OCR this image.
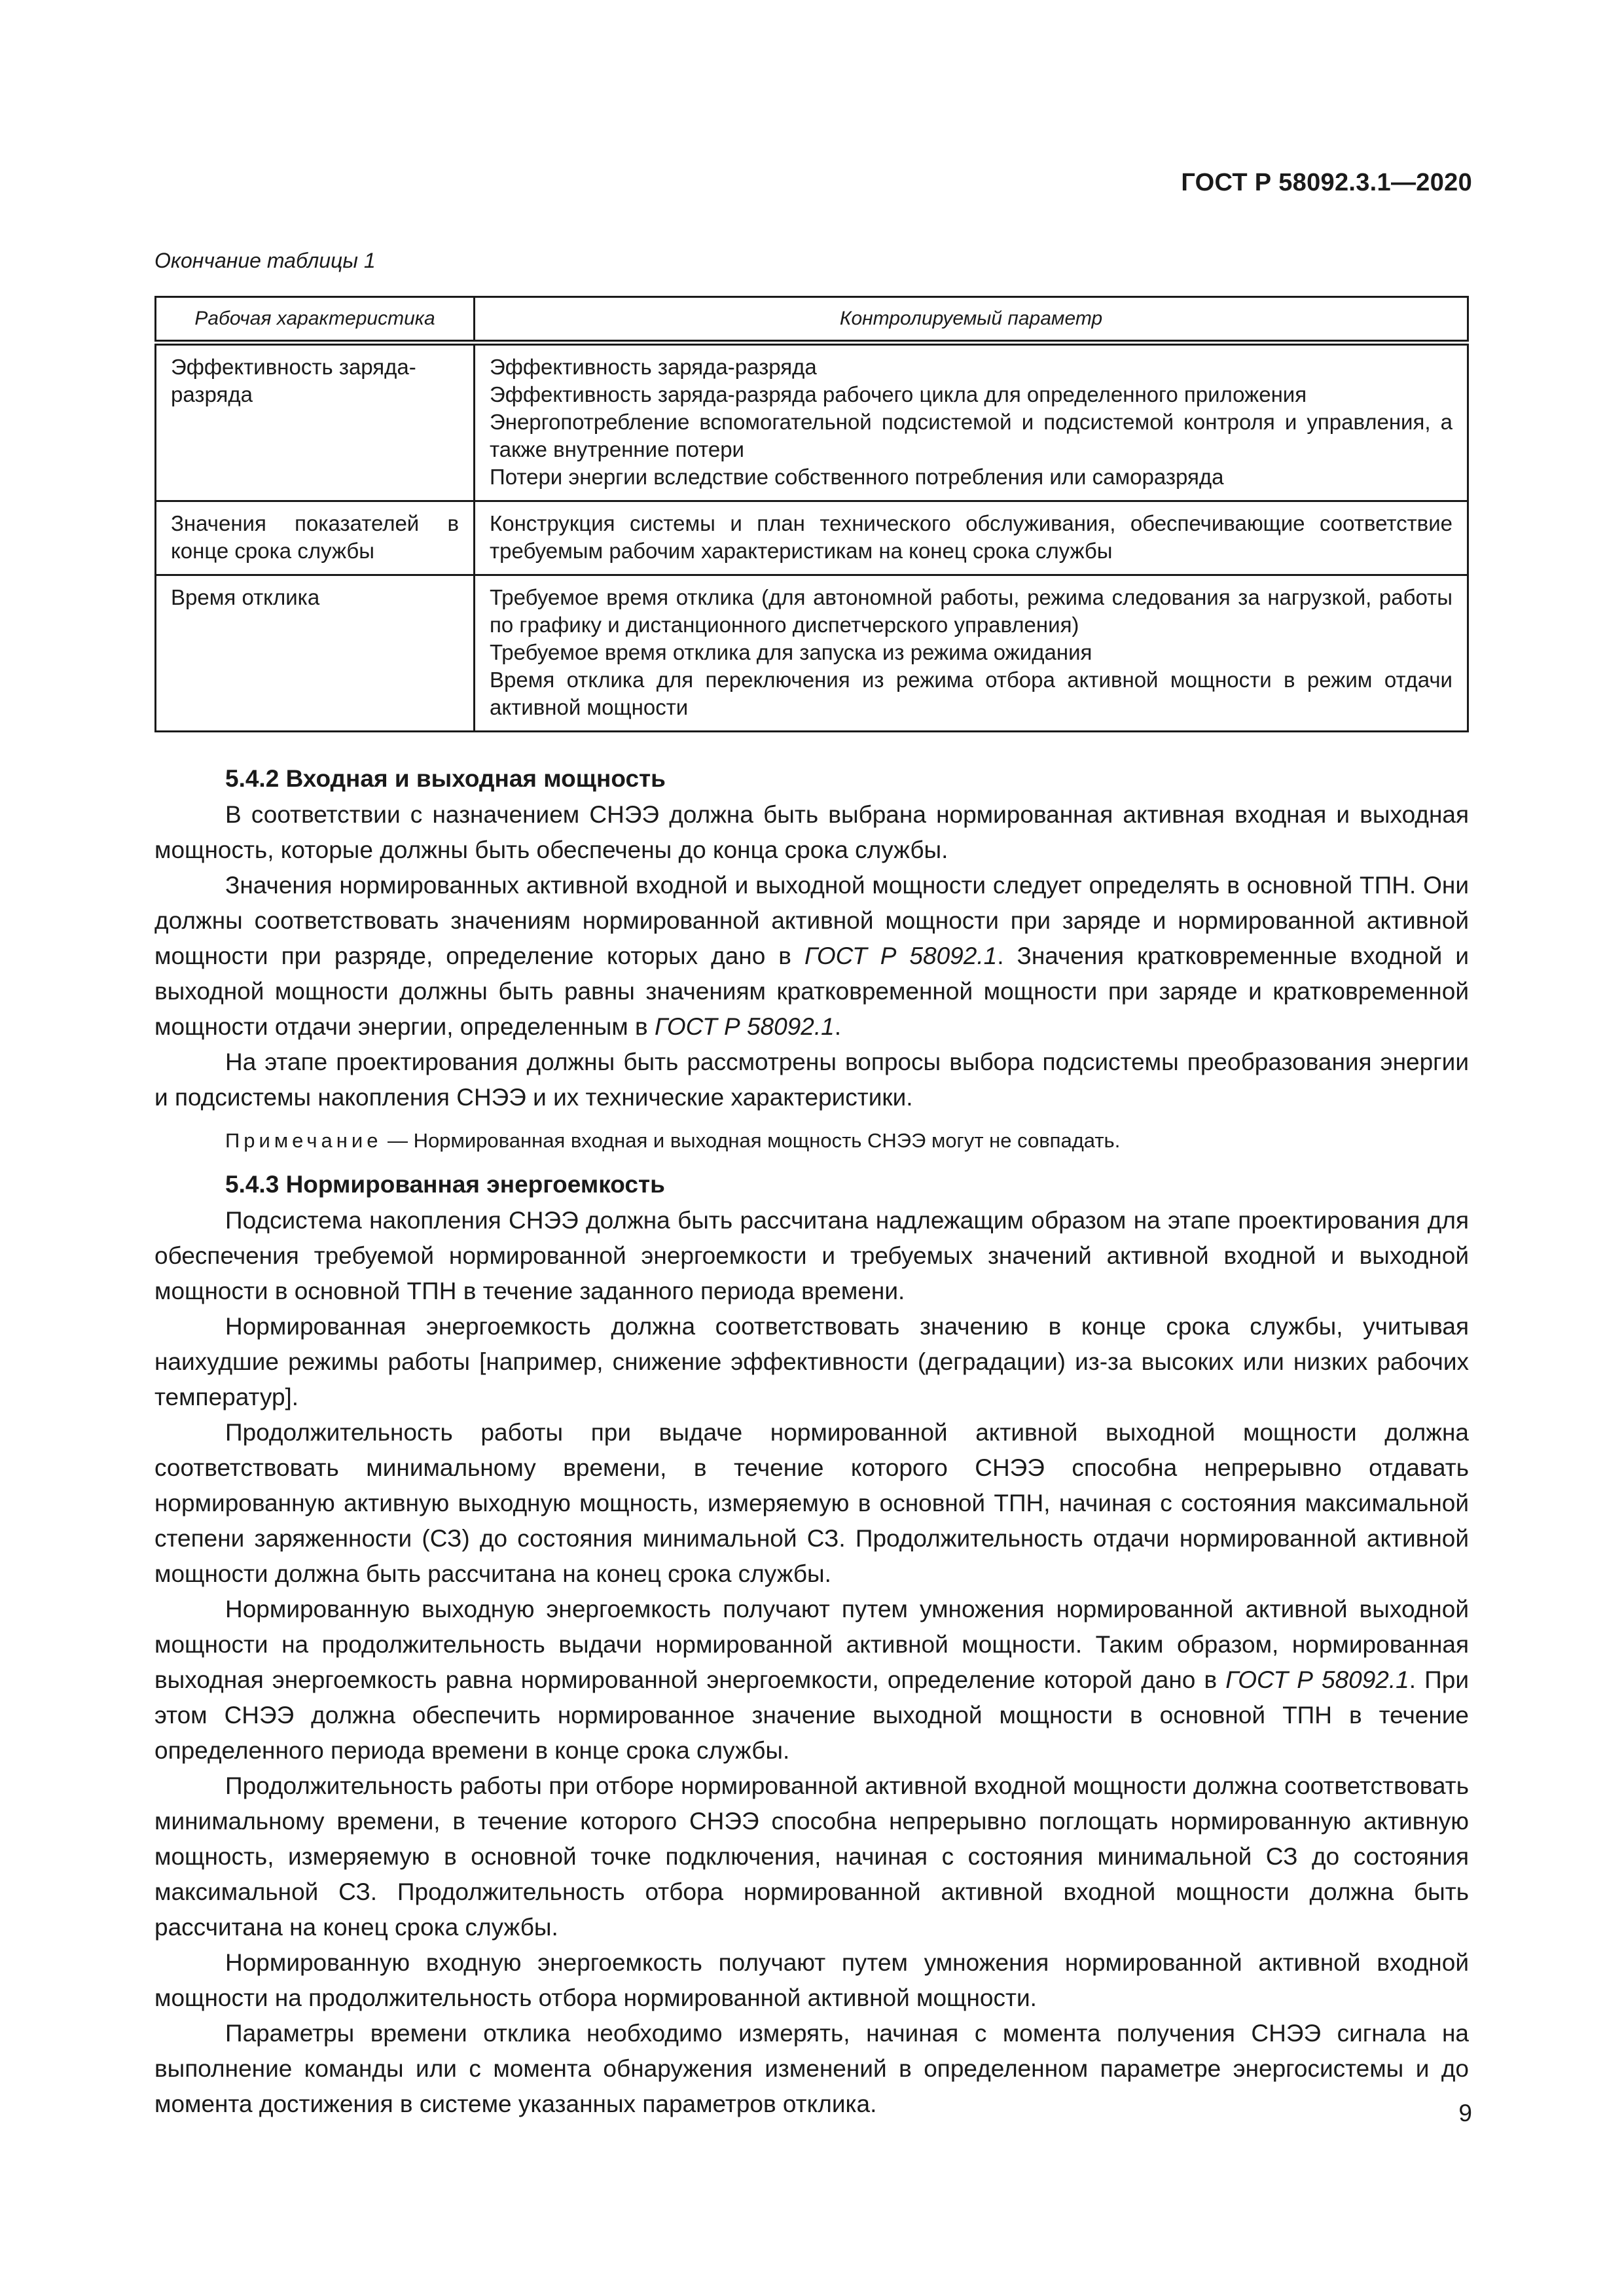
ГОСТ Р 58092.3.1—2020
Окончание таблицы 1
Рабочая характеристика	Контролируемый параметр

Эффективность заряда-разряда	Эффективность заряда-разряда
Эффективность заряда-разряда рабочего цикла для определенного приложения
Энергопотребление вспомогательной подсистемой и подсистемой контроля и управления, а также внутренние потери
Потери энергии вследствие собственного потребления или саморазряда

Значения показателей в конце срока службы	Конструкция системы и план технического обслуживания, обеспечивающие соответствие требуемым рабочим характеристикам на конец срока службы

Время отклика	Требуемое время отклика (для автономной работы, режима следования за нагрузкой, работы по графику и дистанционного диспетчерского управления)
Требуемое время отклика для запуска из режима ожидания
Время отклика для переключения из режима отбора активной мощности в режим отдачи активной мощности
5.4.2 Входная и выходная мощность

В соответствии с назначением СНЭЭ должна быть выбрана нормированная активная входная и выходная мощность, которые должны быть обеспечены до конца срока службы.

Значения нормированных активной входной и выходной мощности следует определять в основной ТПН. Они должны соответствовать значениям нормированной активной мощности при заряде и нормированной активной мощности при разряде, определение которых дано в ГОСТ Р 58092.1. Значения кратковременные входной и выходной мощности должны быть равны значениям кратковременной мощности при заряде и кратковременной мощности отдачи энергии, определенным в ГОСТ Р 58092.1.

На этапе проектирования должны быть рассмотрены вопросы выбора подсистемы преобразования энергии и подсистемы накопления СНЭЭ и их технические характеристики.

Примечание — Нормированная входная и выходная мощность СНЭЭ могут не совпадать.

5.4.3 Нормированная энергоемкость

Подсистема накопления СНЭЭ должна быть рассчитана надлежащим образом на этапе проектирования для обеспечения требуемой нормированной энергоемкости и требуемых значений активной входной и выходной мощности в основной ТПН в течение заданного периода времени.

Нормированная энергоемкость должна соответствовать значению в конце срока службы, учитывая наихудшие режимы работы [например, снижение эффективности (деградации) из-за высоких или низких рабочих температур].

Продолжительность работы при выдаче нормированной активной выходной мощности должна соответствовать минимальному времени, в течение которого СНЭЭ способна непрерывно отдавать нормированную активную выходную мощность, измеряемую в основной ТПН, начиная с состояния максимальной степени заряженности (СЗ) до состояния минимальной СЗ. Продолжительность отдачи нормированной активной мощности должна быть рассчитана на конец срока службы.

Нормированную выходную энергоемкость получают путем умножения нормированной активной выходной мощности на продолжительность выдачи нормированной активной мощности. Таким образом, нормированная выходная энергоемкость равна нормированной энергоемкости, определение которой дано в ГОСТ Р 58092.1. При этом СНЭЭ должна обеспечить нормированное значение выходной мощности в основной ТПН в течение определенного периода времени в конце срока службы.

Продолжительность работы при отборе нормированной активной входной мощности должна соответствовать минимальному времени, в течение которого СНЭЭ способна непрерывно поглощать нормированную активную мощность, измеряемую в основной точке подключения, начиная с состояния минимальной СЗ до состояния максимальной СЗ. Продолжительность отбора нормированной активной входной мощности должна быть рассчитана на конец срока службы.

Нормированную входную энергоемкость получают путем умножения нормированной активной входной мощности на продолжительность отбора нормированной активной мощности.

Параметры времени отклика необходимо измерять, начиная с момента получения СНЭЭ сигнала на выполнение команды или с момента обнаружения изменений в определенном параметре энергосистемы и до момента достижения в системе указанных параметров отклика.	9
